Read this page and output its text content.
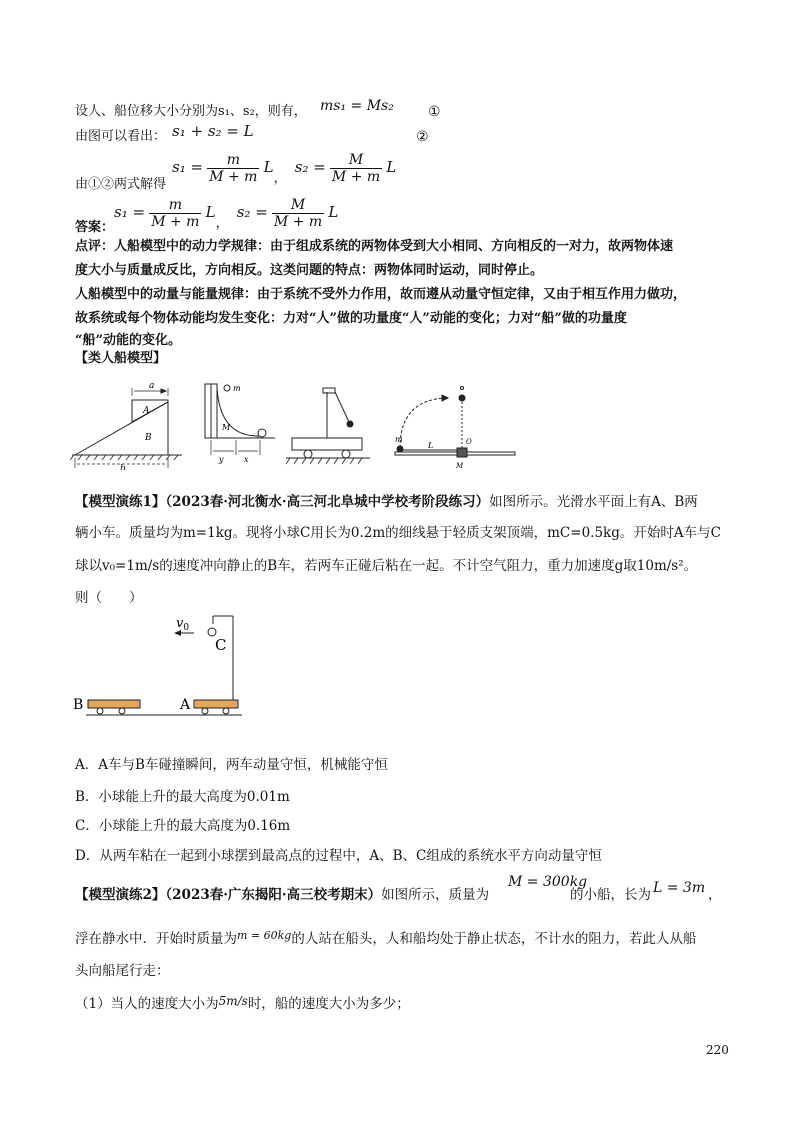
设人、船位移大小分别为s₁、s₂，则有， ms₁ = Ms₂ ①
由图可以看出： s₁ + s₂ = L	②
由①②两式解得
$s_1 = \frac{m}{M + m}$ L， $s_2 = \frac{M}{M + m}$ L
答案：
$s_1 = \frac{m}{M + m}$ L， $s_2 = \frac{M}{M + m}$ L
点评：人船模型中的动力学规律：由于组成系统的两物体受到大小相同、方向相反的一对力，故两物体速
度大小与质量成反比，方向相反。这类问题的特点：两物体同时运动，同时停止。
人船模型中的动量与能量规律：由于系统不受外力作用，故而遵从动量守恒定律，又由于相互作用力做功，
故系统或每个物体动能均发生变化：力对“人”做的功量度“人”动能的变化；力对“船”做的功量度
“船”动能的变化。
【类人船模型】
a
A
B
b
m
M
y	x
m
L
M
O
【模型演练1】（2023春·河北衡水·高三河北阜城中学校考阶段练习）如图所示。光滑水平面上有A、B两
辆小车。质量均为m=1kg。现将小球C用长为0.2m的细线悬于轻质支架顶端，mC=0.5kg。开始时A车与C
球以v₀=1m/s的速度冲向静止的B车，若两车正碰后粘在一起。不计空气阻力，重力加速度g取10m/s²。
则（　　）
$v_0$
C
B	A
A．A车与B车碰撞瞬间，两车动量守恒，机械能守恒
B．小球能上升的最大高度为0.01m
C．小球能上升的最大高度为0.16m
D．从两车粘在一起到小球摆到最高点的过程中，A、B、C组成的系统水平方向动量守恒
【模型演练2】（2023春·广东揭阳·高三校考期末）如图所示，质量为
M = 300kg
的小船，长为 L = 3m ，
浮在静水中．开始时质量为$^{m = 60kg}$的人站在船头，人和船均处于静止状态，不计水的阻力，若此人从船
头向船尾行走：
（1）当人的速度大小为5m/s时，船的速度大小为多少；
220
